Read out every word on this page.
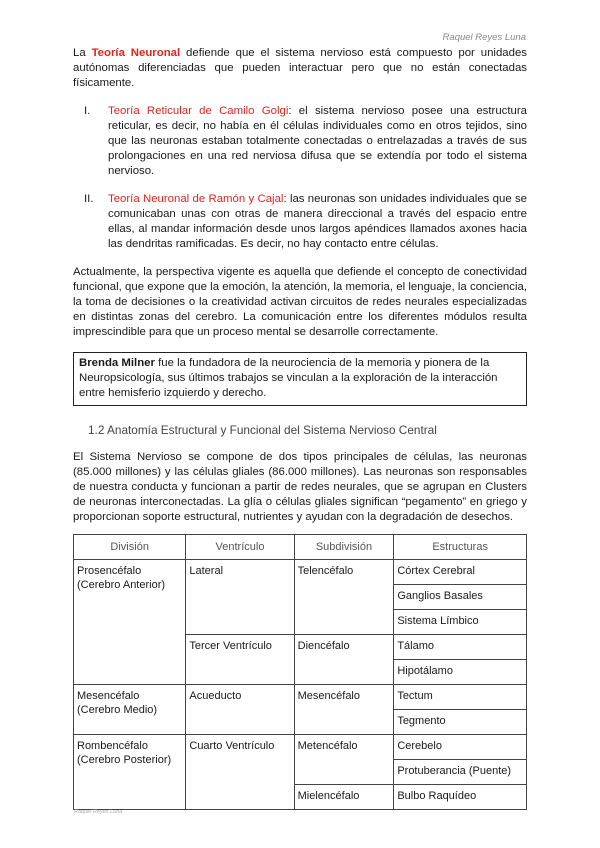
Raquel Reyes Luna

La Teoría Neuronal defiende que el sistema nervioso está compuesto por unidades autónomas diferenciadas que pueden interactuar pero que no están conectadas físicamente.

I. Teoría Reticular de Camilo Golgi: el sistema nervioso posee una estructura reticular, es decir, no había en él células individuales como en otros tejidos, sino que las neuronas estaban totalmente conectadas o entrelazadas a través de sus prolongaciones en una red nerviosa difusa que se extendía por todo el sistema nervioso.
II. Teoría Neuronal de Ramón y Cajal: las neuronas son unidades individuales que se comunicaban unas con otras de manera direccional a través del espacio entre ellas, al mandar información desde unos largos apéndices llamados axones hacia las dendritas ramificadas. Es decir, no hay contacto entre células.

Actualmente, la perspectiva vigente es aquella que defiende el concepto de conectividad funcional, que expone que la emoción, la atención, la memoria, el lenguaje, la conciencia, la toma de decisiones o la creatividad activan circuitos de redes neurales especializadas en distintas zonas del cerebro. La comunicación entre los diferentes módulos resulta imprescindible para que un proceso mental se desarrolle correctamente.

Brenda Milner fue la fundadora de la neurociencia de la memoria y pionera de la Neuropsicología, sus últimos trabajos se vinculan a la exploración de la interacción entre hemisferio izquierdo y derecho.
1.2 Anatomía Estructural y Funcional del Sistema Nervioso Central

El Sistema Nervioso se compone de dos tipos principales de células, las neuronas (85.000 millones) y las células gliales (86.000 millones). Las neuronas son responsables de nuestra conducta y funcionan a partir de redes neurales, que se agrupan en Clusters de neuronas interconectadas. La glía o células gliales significan “pegamento” en griego y proporcionan soporte estructural, nutrientes y ayudan con la degradación de desechos.

División	Ventrículo	Subdivisión	Estructuras
Prosencéfalo (Cerebro Anterior)	Lateral	Telencéfalo	Córtex Cerebral
			Ganglios Basales
			Sistema Límbico
	Tercer Ventrículo	Diencéfalo	Tálamo
			Hipotálamo
Mesencéfalo (Cerebro Medio)	Acueducto	Mesencéfalo	Tectum
			Tegmento
Rombencéfalo (Cerebro Posterior)	Cuarto Ventrículo	Metencéfalo	Cerebelo
			Protuberancia (Puente)
		Mielencéfalo	Bulbo Raquídeo
Raquel Reyes Luna
